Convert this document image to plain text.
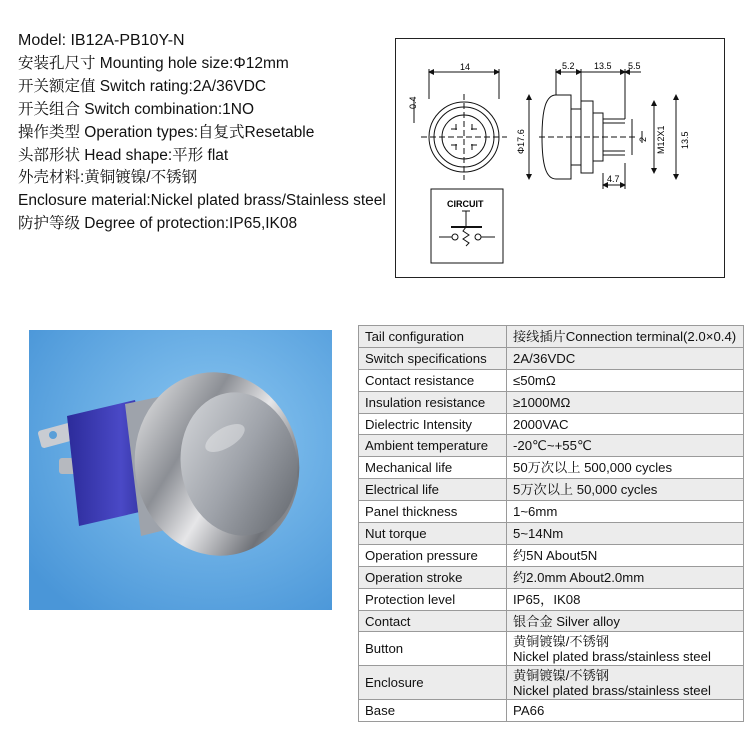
Model: IB12A-PB10Y-N
安装孔尺寸 Mounting hole size:Φ12mm
开关额定值 Switch rating:2A/36VDC
开关组合 Switch combination:1NO
操作类型 Operation types:自复式Resetable
头部形状 Head shape:平形 flat
外壳材料:黄铜镀镍/不锈钢
Enclosure material:Nickel plated brass/Stainless steel
防护等级 Degree of protection:IP65,IK08
14
0.4
5.2 13.5 5.5
Φ17.6	2 M12X1 13.5
4.7
CIRCUIT
Tail configuration	接线插片Connection terminal(2.0×0.4)
Switch specifications	2A/36VDC
Contact resistance	≤50mΩ
Insulation resistance	≥1000MΩ
Dielectric Intensity	2000VAC
Ambient temperature	-20℃~+55℃
Mechanical life	50万次以上 500,000 cycles
Electrical life	5万次以上 50,000 cycles
Panel thickness	1~6mm
Nut torque	5~14Nm
Operation pressure	约5N About5N
Operation stroke	约2.0mm About2.0mm
Protection level	IP65，IK08
Contact	银合金 Silver alloy
Button	黄铜镀镍/不锈钢
Nickel plated brass/stainless steel

Enclosure	黄铜镀镍/不锈钢
Nickel plated brass/stainless steel

Base	PA66
